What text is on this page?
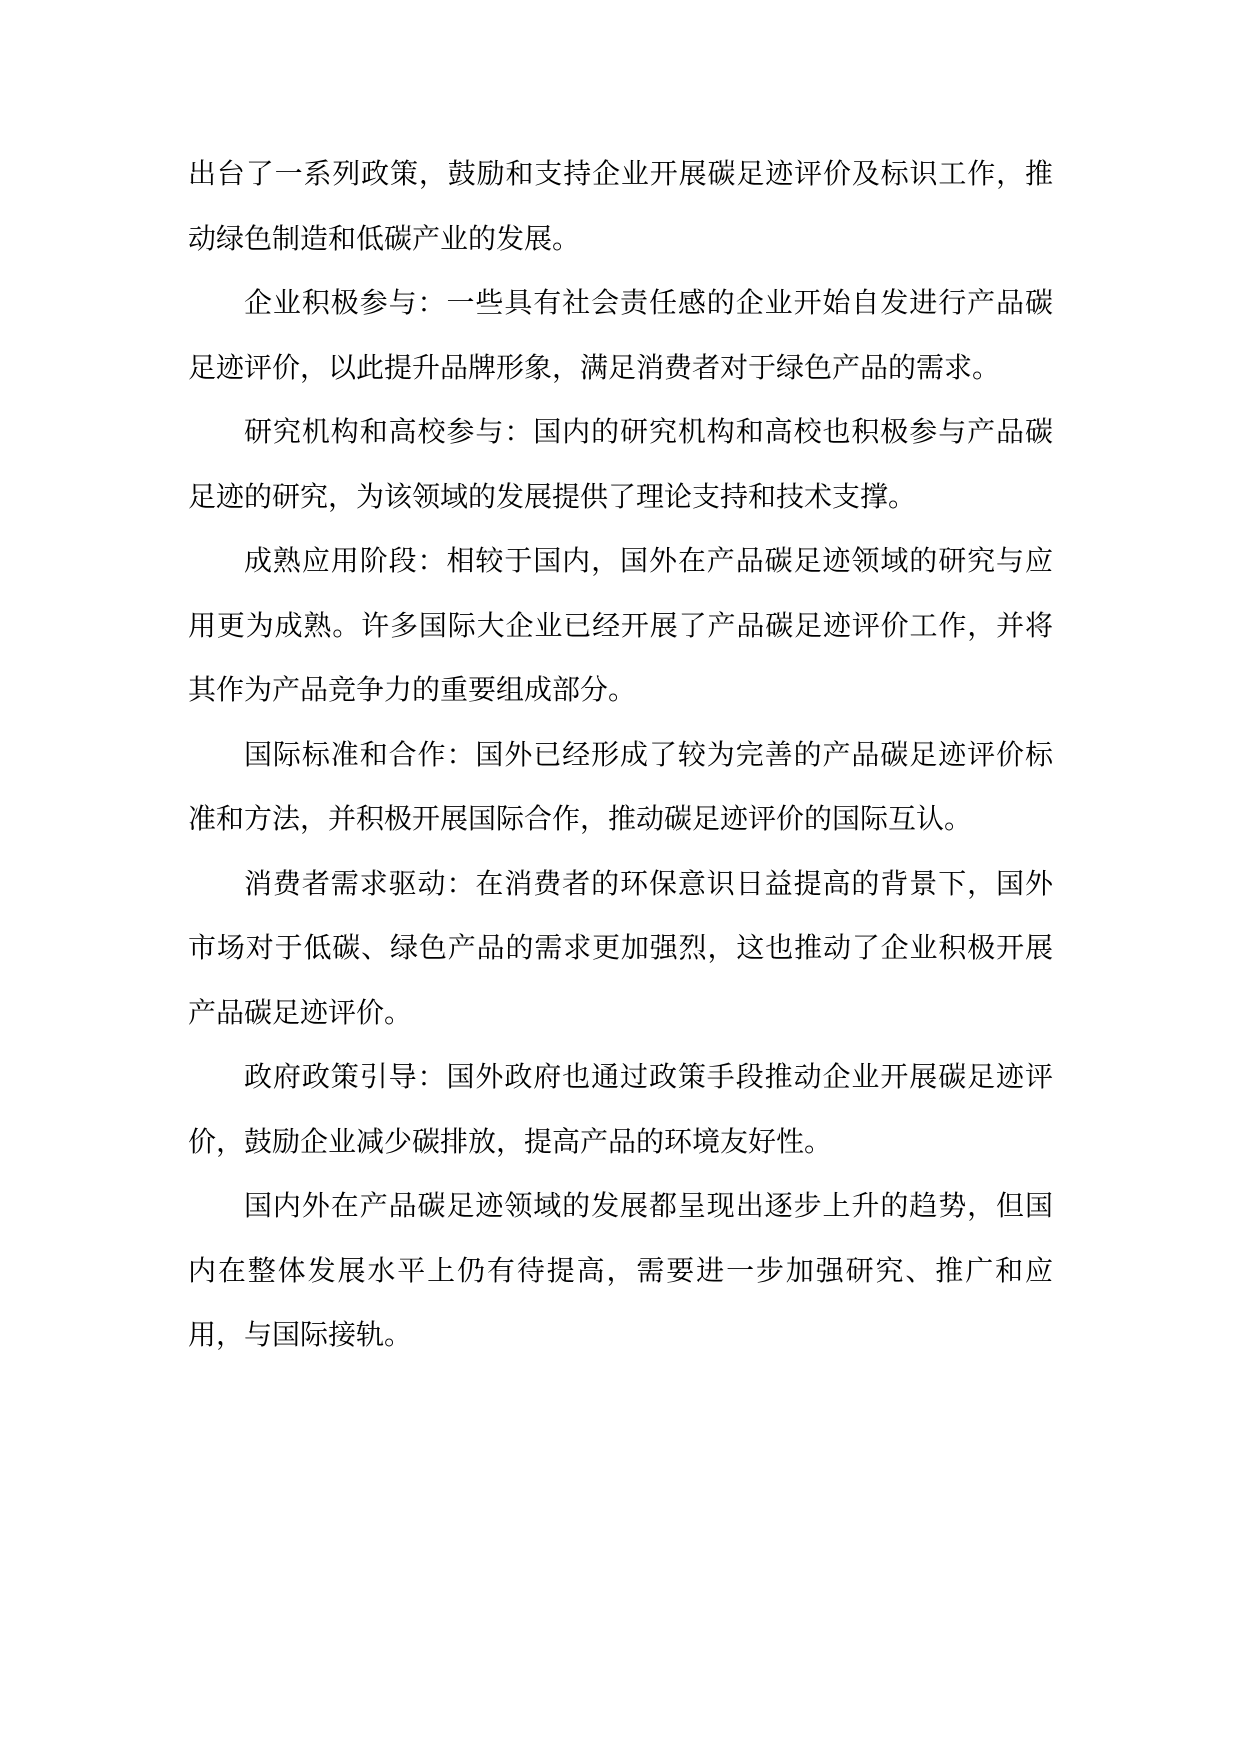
出台了一系列政策，鼓励和支持企业开展碳足迹评价及标识工作，推动绿色制造和低碳产业的发展。

企业积极参与：一些具有社会责任感的企业开始自发进行产品碳足迹评价，以此提升品牌形象，满足消费者对于绿色产品的需求。

研究机构和高校参与：国内的研究机构和高校也积极参与产品碳足迹的研究，为该领域的发展提供了理论支持和技术支撑。

成熟应用阶段：相较于国内，国外在产品碳足迹领域的研究与应用更为成熟。许多国际大企业已经开展了产品碳足迹评价工作，并将其作为产品竞争力的重要组成部分。

国际标准和合作：国外已经形成了较为完善的产品碳足迹评价标准和方法，并积极开展国际合作，推动碳足迹评价的国际互认。

消费者需求驱动：在消费者的环保意识日益提高的背景下，国外市场对于低碳、绿色产品的需求更加强烈，这也推动了企业积极开展产品碳足迹评价。

政府政策引导：国外政府也通过政策手段推动企业开展碳足迹评价，鼓励企业减少碳排放，提高产品的环境友好性。

国内外在产品碳足迹领域的发展都呈现出逐步上升的趋势，但国内在整体发展水平上仍有待提高，需要进一步加强研究、推广和应用，与国际接轨。
